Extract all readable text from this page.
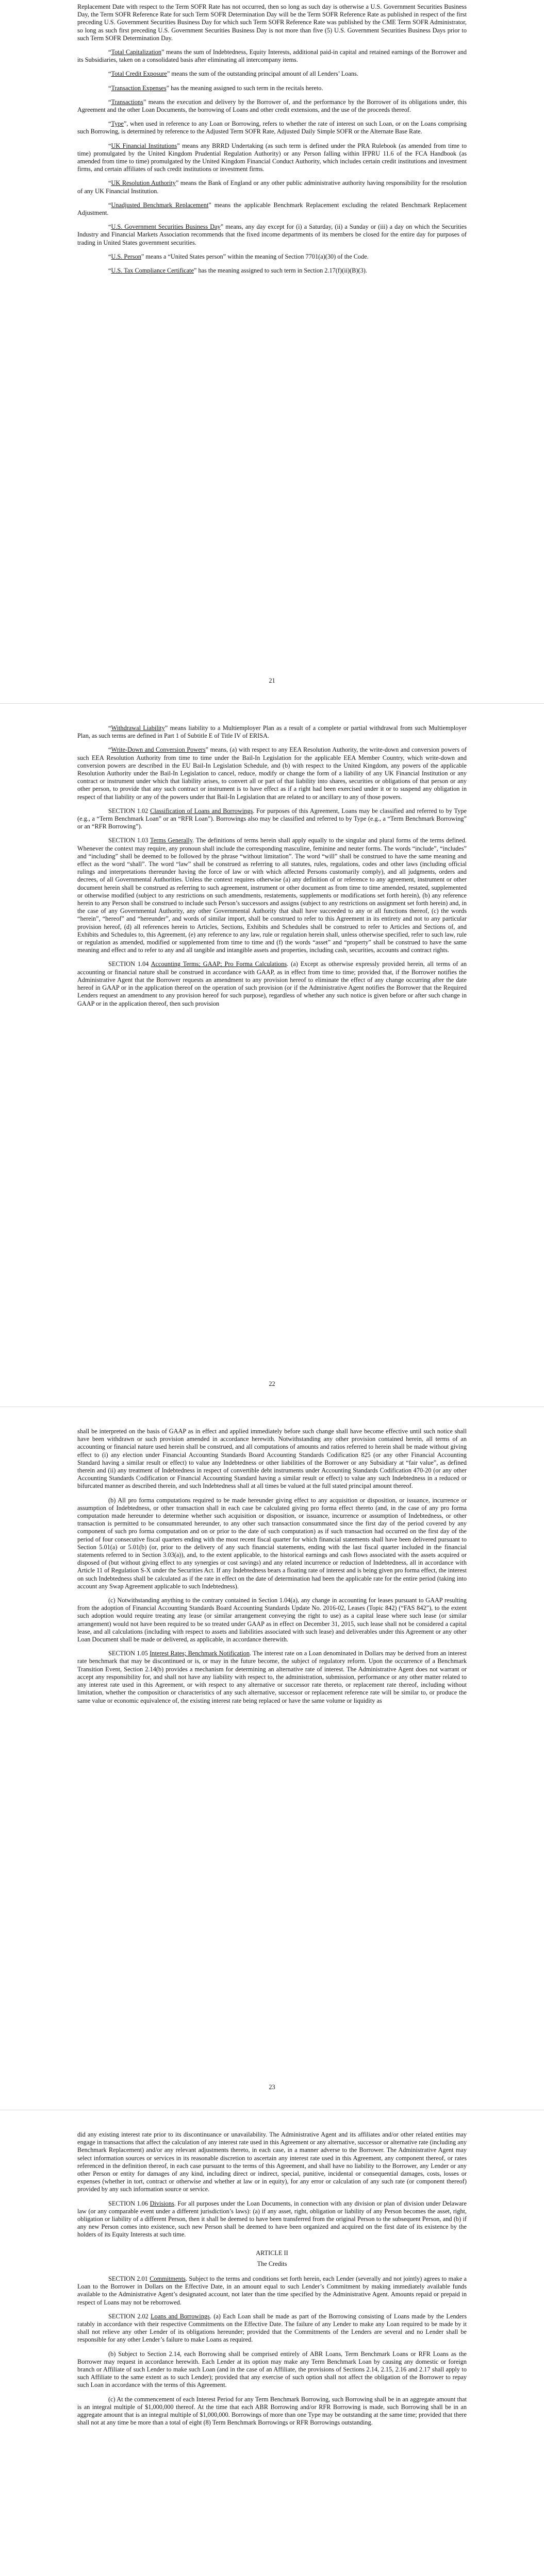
Replacement Date with respect to the Term SOFR Rate has not occurred, then so long as such day is otherwise a U.S. Government Securities Business Day, the Term SOFR Reference Rate for such Term SOFR Determination Day will be the Term SOFR Reference Rate as published in respect of the first preceding U.S. Government Securities Business Day for which such Term SOFR Reference Rate was published by the CME Term SOFR Administrator, so long as such first preceding U.S. Government Securities Business Day is not more than five (5) U.S. Government Securities Business Days prior to such Term SOFR Determination Day.

“Total Capitalization” means the sum of Indebtedness, Equity Interests, additional paid-in capital and retained earnings of the Borrower and its Subsidiaries, taken on a consolidated basis after eliminating all intercompany items.

“Total Credit Exposure” means the sum of the outstanding principal amount of all Lenders’ Loans.

“Transaction Expenses” has the meaning assigned to such term in the recitals hereto.

“Transactions” means the execution and delivery by the Borrower of, and the performance by the Borrower of its obligations under, this Agreement and the other Loan Documents, the borrowing of Loans and other credit extensions, and the use of the proceeds thereof.

“Type”, when used in reference to any Loan or Borrowing, refers to whether the rate of interest on such Loan, or on the Loans comprising such Borrowing, is determined by reference to the Adjusted Term SOFR Rate, Adjusted Daily Simple SOFR or the Alternate Base Rate.

“UK Financial Institutions” means any BRRD Undertaking (as such term is defined under the PRA Rulebook (as amended from time to time) promulgated by the United Kingdom Prudential Regulation Authority) or any Person falling within IFPRU 11.6 of the FCA Handbook (as amended from time to time) promulgated by the United Kingdom Financial Conduct Authority, which includes certain credit institutions and investment firms, and certain affiliates of such credit institutions or investment firms.

“UK Resolution Authority” means the Bank of England or any other public administrative authority having responsibility for the resolution of any UK Financial Institution.

“Unadjusted Benchmark Replacement” means the applicable Benchmark Replacement excluding the related Benchmark Replacement Adjustment.

“U.S. Government Securities Business Day” means, any day except for (i) a Saturday, (ii) a Sunday or (iii) a day on which the Securities Industry and Financial Markets Association recommends that the fixed income departments of its members be closed for the entire day for purposes of trading in United States government securities.

“U.S. Person” means a “United States person” within the meaning of Section 7701(a)(30) of the Code.

“U.S. Tax Compliance Certificate” has the meaning assigned to such term in Section 2.17(f)(ii)(B)(3).

21

“Withdrawal Liability” means liability to a Multiemployer Plan as a result of a complete or partial withdrawal from such Multiemployer Plan, as such terms are defined in Part 1 of Subtitle E of Title IV of ERISA.

“Write-Down and Conversion Powers” means, (a) with respect to any EEA Resolution Authority, the write-down and conversion powers of such EEA Resolution Authority from time to time under the Bail-In Legislation for the applicable EEA Member Country, which write-down and conversion powers are described in the EU Bail-In Legislation Schedule, and (b) with respect to the United Kingdom, any powers of the applicable Resolution Authority under the Bail-In Legislation to cancel, reduce, modify or change the form of a liability of any UK Financial Institution or any contract or instrument under which that liability arises, to convert all or part of that liability into shares, securities or obligations of that person or any other person, to provide that any such contract or instrument is to have effect as if a right had been exercised under it or to suspend any obligation in respect of that liability or any of the powers under that Bail-In Legislation that are related to or ancillary to any of those powers.

SECTION 1.02 Classification of Loans and Borrowings. For purposes of this Agreement, Loans may be classified and referred to by Type (e.g., a “Term Benchmark Loan” or an “RFR Loan”). Borrowings also may be classified and referred to by Type (e.g., a “Term Benchmark Borrowing” or an “RFR Borrowing”).

SECTION 1.03 Terms Generally. The definitions of terms herein shall apply equally to the singular and plural forms of the terms defined. Whenever the context may require, any pronoun shall include the corresponding masculine, feminine and neuter forms. The words “include”, “includes” and “including” shall be deemed to be followed by the phrase “without limitation”. The word “will” shall be construed to have the same meaning and effect as the word “shall”. The word “law” shall be construed as referring to all statutes, rules, regulations, codes and other laws (including official rulings and interpretations thereunder having the force of law or with which affected Persons customarily comply), and all judgments, orders and decrees, of all Governmental Authorities. Unless the context requires otherwise (a) any definition of or reference to any agreement, instrument or other document herein shall be construed as referring to such agreement, instrument or other document as from time to time amended, restated, supplemented or otherwise modified (subject to any restrictions on such amendments, restatements, supplements or modifications set forth herein), (b) any reference herein to any Person shall be construed to include such Person’s successors and assigns (subject to any restrictions on assignment set forth herein) and, in the case of any Governmental Authority, any other Governmental Authority that shall have succeeded to any or all functions thereof, (c) the words “herein”, “hereof” and “hereunder”, and words of similar import, shall be construed to refer to this Agreement in its entirety and not to any particular provision hereof, (d) all references herein to Articles, Sections, Exhibits and Schedules shall be construed to refer to Articles and Sections of, and Exhibits and Schedules to, this Agreement, (e) any reference to any law, rule or regulation herein shall, unless otherwise specified, refer to such law, rule or regulation as amended, modified or supplemented from time to time and (f) the words “asset” and “property” shall be construed to have the same meaning and effect and to refer to any and all tangible and intangible assets and properties, including cash, securities, accounts and contract rights.

SECTION 1.04 Accounting Terms; GAAP; Pro Forma Calculations. (a) Except as otherwise expressly provided herein, all terms of an accounting or financial nature shall be construed in accordance with GAAP, as in effect from time to time; provided that, if the Borrower notifies the Administrative Agent that the Borrower requests an amendment to any provision hereof to eliminate the effect of any change occurring after the date hereof in GAAP or in the application thereof on the operation of such provision (or if the Administrative Agent notifies the Borrower that the Required Lenders request an amendment to any provision hereof for such purpose), regardless of whether any such notice is given before or after such change in GAAP or in the application thereof, then such provision

22

shall be interpreted on the basis of GAAP as in effect and applied immediately before such change shall have become effective until such notice shall have been withdrawn or such provision amended in accordance herewith. Notwithstanding any other provision contained herein, all terms of an accounting or financial nature used herein shall be construed, and all computations of amounts and ratios referred to herein shall be made without giving effect to (i) any election under Financial Accounting Standards Board Accounting Standards Codification 825 (or any other Financial Accounting Standard having a similar result or effect) to value any Indebtedness or other liabilities of the Borrower or any Subsidiary at “fair value”, as defined therein and (ii) any treatment of Indebtedness in respect of convertible debt instruments under Accounting Standards Codification 470-20 (or any other Accounting Standards Codification or Financial Accounting Standard having a similar result or effect) to value any such Indebtedness in a reduced or bifurcated manner as described therein, and such Indebtedness shall at all times be valued at the full stated principal amount thereof.

(b) All pro forma computations required to be made hereunder giving effect to any acquisition or disposition, or issuance, incurrence or assumption of Indebtedness, or other transaction shall in each case be calculated giving pro forma effect thereto (and, in the case of any pro forma computation made hereunder to determine whether such acquisition or disposition, or issuance, incurrence or assumption of Indebtedness, or other transaction is permitted to be consummated hereunder, to any other such transaction consummated since the first day of the period covered by any component of such pro forma computation and on or prior to the date of such computation) as if such transaction had occurred on the first day of the period of four consecutive fiscal quarters ending with the most recent fiscal quarter for which financial statements shall have been delivered pursuant to Section 5.01(a) or 5.01(b) (or, prior to the delivery of any such financial statements, ending with the last fiscal quarter included in the financial statements referred to in Section 3.03(a)), and, to the extent applicable, to the historical earnings and cash flows associated with the assets acquired or disposed of (but without giving effect to any synergies or cost savings) and any related incurrence or reduction of Indebtedness, all in accordance with Article 11 of Regulation S-X under the Securities Act. If any Indebtedness bears a floating rate of interest and is being given pro forma effect, the interest on such Indebtedness shall be calculated as if the rate in effect on the date of determination had been the applicable rate for the entire period (taking into account any Swap Agreement applicable to such Indebtedness).

(c) Notwithstanding anything to the contrary contained in Section 1.04(a), any change in accounting for leases pursuant to GAAP resulting from the adoption of Financial Accounting Standards Board Accounting Standards Update No. 2016-02, Leases (Topic 842) (“FAS 842”), to the extent such adoption would require treating any lease (or similar arrangement conveying the right to use) as a capital lease where such lease (or similar arrangement) would not have been required to be so treated under GAAP as in effect on December 31, 2015, such lease shall not be considered a capital lease, and all calculations (including with respect to assets and liabilities associated with such lease) and deliverables under this Agreement or any other Loan Document shall be made or delivered, as applicable, in accordance therewith.

SECTION 1.05 Interest Rates; Benchmark Notification. The interest rate on a Loan denominated in Dollars may be derived from an interest rate benchmark that may be discontinued or is, or may in the future become, the subject of regulatory reform. Upon the occurrence of a Benchmark Transition Event, Section 2.14(b) provides a mechanism for determining an alternative rate of interest. The Administrative Agent does not warrant or accept any responsibility for, and shall not have any liability with respect to, the administration, submission, performance or any other matter related to any interest rate used in this Agreement, or with respect to any alternative or successor rate thereto, or replacement rate thereof, including without limitation, whether the composition or characteristics of any such alternative, successor or replacement reference rate will be similar to, or produce the same value or economic equivalence of, the existing interest rate being replaced or have the same volume or liquidity as

23

did any existing interest rate prior to its discontinuance or unavailability. The Administrative Agent and its affiliates and/or other related entities may engage in transactions that affect the calculation of any interest rate used in this Agreement or any alternative, successor or alternative rate (including any Benchmark Replacement) and/or any relevant adjustments thereto, in each case, in a manner adverse to the Borrower. The Administrative Agent may select information sources or services in its reasonable discretion to ascertain any interest rate used in this Agreement, any component thereof, or rates referenced in the definition thereof, in each case pursuant to the terms of this Agreement, and shall have no liability to the Borrower, any Lender or any other Person or entity for damages of any kind, including direct or indirect, special, punitive, incidental or consequential damages, costs, losses or expenses (whether in tort, contract or otherwise and whether at law or in equity), for any error or calculation of any such rate (or component thereof) provided by any such information source or service.

SECTION 1.06 Divisions. For all purposes under the Loan Documents, in connection with any division or plan of division under Delaware law (or any comparable event under a different jurisdiction’s laws): (a) if any asset, right, obligation or liability of any Person becomes the asset, right, obligation or liability of a different Person, then it shall be deemed to have been transferred from the original Person to the subsequent Person, and (b) if any new Person comes into existence, such new Person shall be deemed to have been organized and acquired on the first date of its existence by the holders of its Equity Interests at such time.

ARTICLE II

The Credits

SECTION 2.01 Commitments. Subject to the terms and conditions set forth herein, each Lender (severally and not jointly) agrees to make a Loan to the Borrower in Dollars on the Effective Date, in an amount equal to such Lender’s Commitment by making immediately available funds available to the Administrative Agent’s designated account, not later than the time specified by the Administrative Agent. Amounts repaid or prepaid in respect of Loans may not be reborrowed.

SECTION 2.02 Loans and Borrowings. (a) Each Loan shall be made as part of the Borrowing consisting of Loans made by the Lenders ratably in accordance with their respective Commitments on the Effective Date. The failure of any Lender to make any Loan required to be made by it shall not relieve any other Lender of its obligations hereunder; provided that the Commitments of the Lenders are several and no Lender shall be responsible for any other Lender’s failure to make Loans as required.

(b) Subject to Section 2.14, each Borrowing shall be comprised entirely of ABR Loans, Term Benchmark Loans or RFR Loans as the Borrower may request in accordance herewith. Each Lender at its option may make any Term Benchmark Loan by causing any domestic or foreign branch or Affiliate of such Lender to make such Loan (and in the case of an Affiliate, the provisions of Sections 2.14, 2.15, 2.16 and 2.17 shall apply to such Affiliate to the same extent as to such Lender); provided that any exercise of such option shall not affect the obligation of the Borrower to repay such Loan in accordance with the terms of this Agreement.

(c) At the commencement of each Interest Period for any Term Benchmark Borrowing, such Borrowing shall be in an aggregate amount that is an integral multiple of $1,000,000 thereof. At the time that each ABR Borrowing and/or RFR Borrowing is made, such Borrowing shall be in an aggregate amount that is an integral multiple of $1,000,000. Borrowings of more than one Type may be outstanding at the same time; provided that there shall not at any time be more than a total of eight (8) Term Benchmark Borrowings or RFR Borrowings outstanding.
